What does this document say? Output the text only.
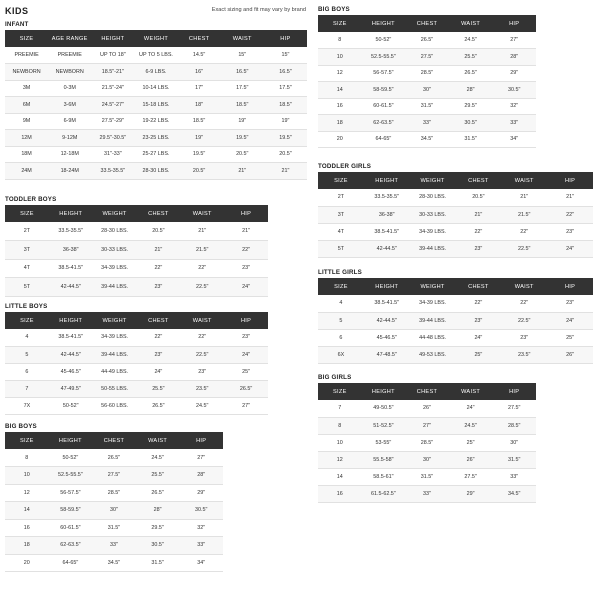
KIDS	Exact sizing and fit may vary by brand
INFANT
SIZE	AGE RANGE	HEIGHT	WEIGHT	CHEST	WAIST	HIP
PREEMIE	PREEMIE	UP TO 18"	UP TO 5 LBS.	14.5"	15"	15"
NEWBORN	NEWBORN	18.5"-21"	6-9 LBS.	16"	16.5"	16.5"
3M	0-3M	21.5"-24"	10-14 LBS.	17"	17.5"	17.5"
6M	3-6M	24.5"-27"	15-18 LBS.	18"	18.5"	18.5"
9M	6-9M	27.5"-29"	19-22 LBS.	18.5"	19"	19"
12M	9-12M	29.5"-30.5"	23-25 LBS.	19"	19.5"	19.5"
18M	12-18M	31"-33"	25-27 LBS.	19.5"	20.5"	20.5"
24M	18-24M	33.5-35.5"	28-30 LBS.	20.5"	21"	21"
TODDLER BOYS
SIZE	HEIGHT	WEIGHT	CHEST	WAIST	HIP
2T	33.5-35.5"	28-30 LBS.	20.5"	21"	21"
3T	36-38"	30-33 LBS.	21"	21.5"	22"
4T	38.5-41.5"	34-39 LBS.	22"	22"	23"
5T	42-44.5"	39-44 LBS.	23"	22.5"	24"
LITTLE BOYS
SIZE	HEIGHT	WEIGHT	CHEST	WAIST	HIP
4	38.5-41.5"	34-39 LBS.	22"	22"	23"
5	42-44.5"	39-44 LBS.	23"	22.5"	24"
6	45-46.5"	44-49 LBS.	24"	23"	25"
7	47-49.5"	50-55 LBS.	25.5"	23.5"	26.5"
7X	50-52"	56-60 LBS.	26.5"	24.5"	27"
BIG BOYS
SIZE	HEIGHT	CHEST	WAIST	HIP
8	50-52"	26.5"	24.5"	27"
10	52.5-55.5"	27.5"	25.5"	28"
12	56-57.5"	28.5"	26.5"	29"
14	58-59.5"	30"	28"	30.5"
16	60-61.5"	31.5"	29.5"	32"
18	62-63.5"	33"	30.5"	33"
20	64-65"	34.5"	31.5"	34"
BIG BOYS
SIZE	HEIGHT	CHEST	WAIST	HIP
8	50-52"	26.5"	24.5"	27"
10	52.5-55.5"	27.5"	25.5"	28"
12	56-57.5"	28.5"	26.5"	29"
14	58-59.5"	30"	28"	30.5"
16	60-61.5"	31.5"	29.5"	32"
18	62-63.5"	33"	30.5"	33"
20	64-65"	34.5"	31.5"	34"
TODDLER GIRLS
SIZE	HEIGHT	WEIGHT	CHEST	WAIST	HIP
2T	33.5-35.5"	28-30 LBS.	20.5"	21"	21"
3T	36-38"	30-33 LBS.	21"	21.5"	22"
4T	38.5-41.5"	34-39 LBS.	22"	22"	23"
5T	42-44.5"	39-44 LBS.	23"	22.5"	24"
LITTLE GIRLS
SIZE	HEIGHT	WEIGHT	CHEST	WAIST	HIP
4	38.5-41.5"	34-39 LBS.	22"	22"	23"
5	42-44.5"	39-44 LBS.	23"	22.5"	24"
6	45-46.5"	44-48 LBS.	24"	23"	25"
6X	47-48.5"	49-53 LBS.	25"	23.5"	26"
BIG GIRLS
SIZE	HEIGHT	CHEST	WAIST	HIP
7	49-50.5"	26"	24"	27.5"
8	51-52.5"	27"	24.5"	28.5"
10	53-55"	28.5"	25"	30"
12	55.5-58"	30"	26"	31.5"
14	58.5-61"	31.5"	27.5"	33"
16	61.5-62.5"	33"	29"	34.5"
